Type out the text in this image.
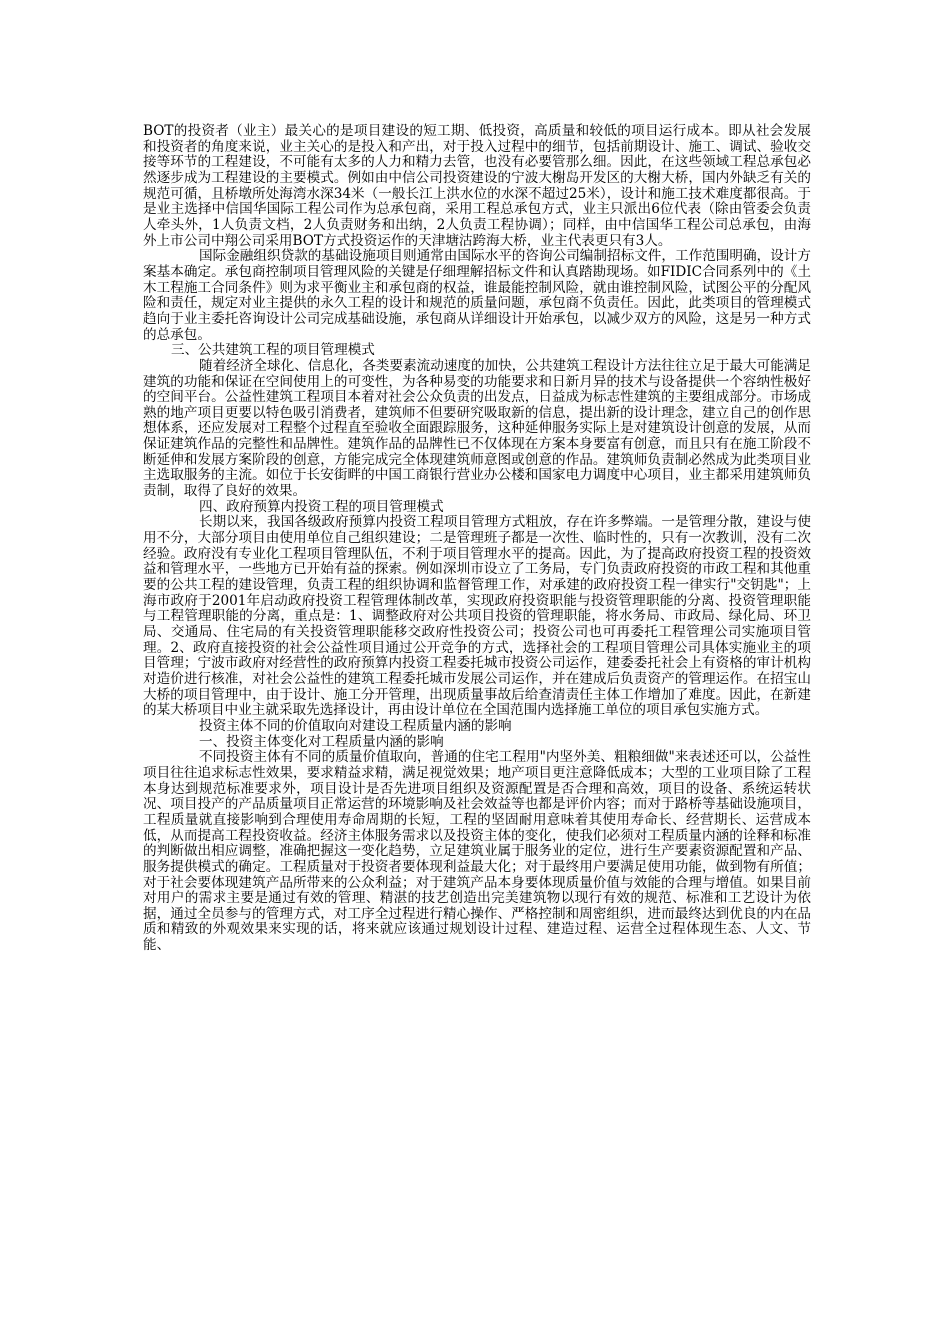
BOT的投资者（业主）最关心的是项目建设的短工期、低投资，高质量和较低的项目运行成本。即从社会发展和投资者的角度来说，业主关心的是投入和产出，对于投入过程中的细节，包括前期设计、施工、调试、验收交接等环节的工程建设，不可能有太多的人力和精力去管，也没有必要管那么细。因此，在这些领域工程总承包必然逐步成为工程建设的主要模式。例如由中信公司投资建设的宁波大榭岛开发区的大榭大桥，国内外缺乏有关的规范可循，且桥墩所处海湾水深34米（一般长江上洪水位的水深不超过25米），设计和施工技术难度都很高。于是业主选择中信国华国际工程公司作为总承包商，采用工程总承包方式，业主只派出6位代表（除由管委会负责人牵头外，1人负责文档，2人负责财务和出纳，2人负责工程协调）；同样，由中信国华工程公司总承包，由海外上市公司中翔公司采用BOT方式投资运作的天津塘沽跨海大桥，业主代表更只有3人。

国际金融组织贷款的基础设施项目则通常由国际水平的咨询公司编制招标文件，工作范围明确，设计方案基本确定。承包商控制项目管理风险的关键是仔细理解招标文件和认真踏勘现场。如FIDIC合同系列中的《土木工程施工合同条件》则为求平衡业主和承包商的权益，谁最能控制风险，就由谁控制风险，试图公平的分配风险和责任，规定对业主提供的永久工程的设计和规范的质量问题，承包商不负责任。因此，此类项目的管理模式趋向于业主委托咨询设计公司完成基础设施，承包商从详细设计开始承包，以减少双方的风险，这是另一种方式的总承包。

三、公共建筑工程的项目管理模式

随着经济全球化、信息化，各类要素流动速度的加快，公共建筑工程设计方法往往立足于最大可能满足建筑的功能和保证在空间使用上的可变性，为各种易变的功能要求和日新月异的技术与设备提供一个容纳性极好的空间平台。公益性建筑工程项目本着对社会公众负责的出发点，日益成为标志性建筑的主要组成部分。市场成熟的地产项目更要以特色吸引消费者，建筑师不但要研究吸取新的信息，提出新的设计理念，建立自己的创作思想体系，还应发展对工程整个过程直至验收全面跟踪服务，这种延伸服务实际上是对建筑设计创意的发展，从而保证建筑作品的完整性和品牌性。建筑作品的品牌性已不仅体现在方案本身要富有创意，而且只有在施工阶段不断延伸和发展方案阶段的创意，方能完成完全体现建筑师意图或创意的作品。建筑师负责制必然成为此类项目业主选取服务的主流。如位于长安街畔的中国工商银行营业办公楼和国家电力调度中心项目，业主都采用建筑师负责制，取得了良好的效果。

四、政府预算内投资工程的项目管理模式

长期以来，我国各级政府预算内投资工程项目管理方式粗放，存在许多弊端。一是管理分散，建设与使用不分，大部分项目由使用单位自己组织建设；二是管理班子都是一次性、临时性的，只有一次教训，没有二次经验。政府没有专业化工程项目管理队伍，不利于项目管理水平的提高。因此，为了提高政府投资工程的投资效益和管理水平，一些地方已开始有益的探索。例如深圳市设立了工务局，专门负责政府投资的市政工程和其他重要的公共工程的建设管理，负责工程的组织协调和监督管理工作，对承建的政府投资工程一律实行"交钥匙"；上海市政府于2001年启动政府投资工程管理体制改革，实现政府投资职能与投资管理职能的分离、投资管理职能与工程管理职能的分离，重点是：1、调整政府对公共项目投资的管理职能，将水务局、市政局、绿化局、环卫局、交通局、住宅局的有关投资管理职能移交政府性投资公司；投资公司也可再委托工程管理公司实施项目管理。2、政府直接投资的社会公益性项目通过公开竞争的方式，选择社会的工程项目管理公司具体实施业主的项目管理；宁波市政府对经营性的政府预算内投资工程委托城市投资公司运作，建委委托社会上有资格的审计机构对造价进行核准，对社会公益性的建筑工程委托城市发展公司运作，并在建成后负责资产的管理运作。在招宝山大桥的项目管理中，由于设计、施工分开管理，出现质量事故后给查清责任主体工作增加了难度。因此，在新建的某大桥项目中业主就采取先选择设计，再由设计单位在全国范围内选择施工单位的项目承包实施方式。

投资主体不同的价值取向对建设工程质量内涵的影响
一、投资主体变化对工程质量内涵的影响

不同投资主体有不同的质量价值取向，普通的住宅工程用"内坚外美、粗粮细做"来表述还可以，公益性项目往往追求标志性效果，要求精益求精，满足视觉效果；地产项目更注意降低成本；大型的工业项目除了工程本身达到规范标准要求外，项目设计是否先进项目组织及资源配置是否合理和高效，项目的设备、系统运转状况、项目投产的产品质量项目正常运营的环境影响及社会效益等也都是评价内容；而对于路桥等基础设施项目，工程质量就直接影响到合理使用寿命周期的长短，工程的坚固耐用意味着其使用寿命长、经营期长、运营成本低，从而提高工程投资收益。经济主体服务需求以及投资主体的变化，使我们必须对工程质量内涵的诠释和标准的判断做出相应调整，准确把握这一变化趋势，立足建筑业属于服务业的定位，进行生产要素资源配置和产品、服务提供模式的确定。工程质量对于投资者要体现利益最大化；对于最终用户要满足使用功能，做到物有所值；对于社会要体现建筑产品所带来的公众利益；对于建筑产品本身要体现质量价值与效能的合理与增值。如果目前对用户的需求主要是通过有效的管理、精湛的技艺创造出完美建筑物以现行有效的规范、标准和工艺设计为依据，通过全员参与的管理方式，对工序全过程进行精心操作、严格控制和周密组织，进而最终达到优良的内在品质和精致的外观效果来实现的话，将来就应该通过规划设计过程、建造过程、运营全过程体现生态、人文、节能、
